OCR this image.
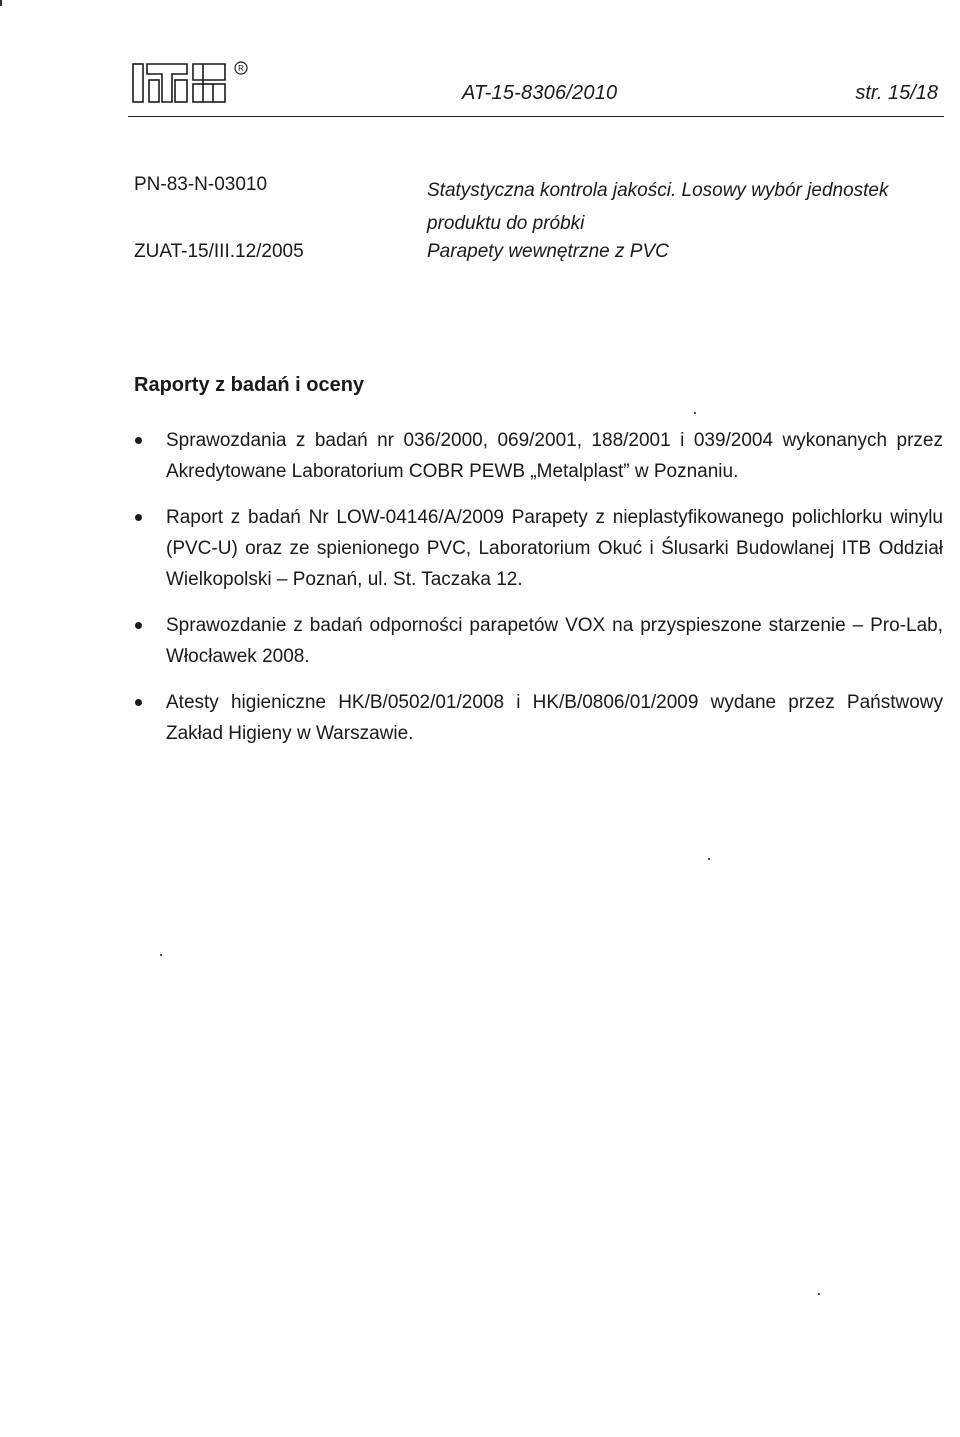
R
AT-15-8306/2010	str. 15/18
PN-83-N-03010	Statystyczna kontrola jakości. Losowy wybór jednostek produktu do próbki
ZUAT-15/III.12/2005	Parapety wewnętrzne z PVC
Raporty z badań i oceny
Sprawozdania z badań nr 036/2000, 069/2001, 188/2001 i 039/2004 wykonanych przez Akredytowane Laboratorium COBR PEWB „Metalplast” w Poznaniu.
Raport z badań Nr LOW-04146/A/2009 Parapety z nieplastyfikowanego polichlorku winylu (PVC-U) oraz ze spienionego PVC, Laboratorium Okuć i Ślusarki Budowlanej ITB Oddział Wielkopolski – Poznań, ul. St. Taczaka 12.
Sprawozdanie z badań odporności parapetów VOX na przyspieszone starzenie – Pro-Lab, Włocławek 2008.
Atesty higieniczne HK/B/0502/01/2008 i HK/B/0806/01/2009 wydane przez Państwowy Zakład Higieny w Warszawie.
